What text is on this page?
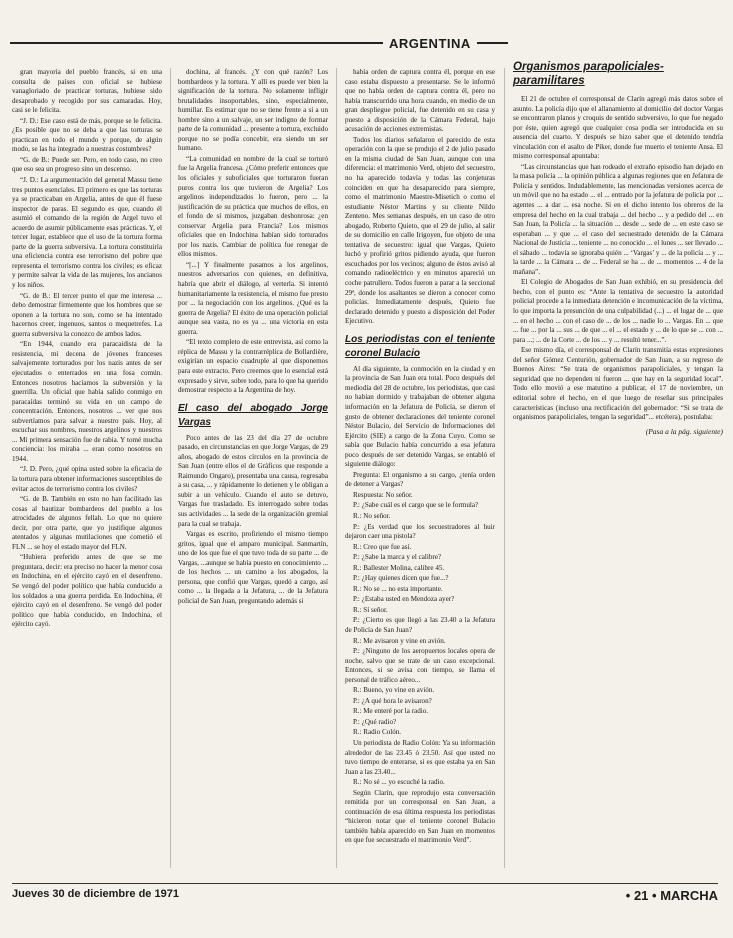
ARGENTINA

gran mayoría del pueblo francés, si en una consulta de países con oficial se hubiese vanagloriado de practicar torturas, hubiese sido desaprobado y recogido por sus camaradas. Hoy, casi se le felicita.

“J. D.: Ese caso está de más, porque se le felicita. ¿Es posible que no se deba a que las torturas se practican en todo el mundo y porque, de algún modo, se las ha integrado a nuestras costumbres?

“G. de B.: Puede ser. Pero, en todo caso, no creo que eso sea un progreso sino un descenso.

“J. D.: La argumentación del general Massu tiene tres puntos esenciales. El primero es que las torturas ya se practicaban en Argelia, antes de que él fuese inspector de paras. El segundo es que, cuando él asumió el comando de la región de Argel tuvo el acuerdo de asumir públicamente esas prácticas. Y, el tercer lugar, establece que el uso de la tortura forma parte de la guerra subversiva. La tortura constituiría una eficiencia contra ese terrorismo del pobre que representa el terrorismo contra los civiles; es eficaz y permite salvar la vida de las mujeres, los ancianos y los niños.

“G. de B.: El tercer punto el que me interesa ... debo demostrar firmemente que los hombres que se oponen a la tortura no son, como se ha intentado hacernos creer, ingenuos, santos o mequetrefes. La guerra subversiva la conozco de ambos lados.

“En 1944, cuando era paracaidista de la resistencia, mi decena de jóvenes franceses salvajemente torturados por los nazis antes de ser ejecutados o enterrados en una fosa común. Entonces nosotros hacíamos la subversión y la guerrilla. Un oficial que había salido conmigo en paracaídas terminó su vida en un campo de concentración. Entonces, nosotros ... ver que nos subvertíamos para salvar a nuestro país. Hoy, al escuchar sus nombres, nuestros argelinos y nuestros ... Mi primera sensación fue de rabia. Y tomé mucha conciencia: los miraba ... eran como nosotros en 1944.

“J. D. Pero, ¿qué opina usted sobre la eficacia de la tortura para obtener informaciones susceptibles de evitar actos de terrorismo contra los civiles?

“G. de B. También en esto no han facilitado las cosas al bautizar bombardeos del pueblo a los atrocidades de algunos fellah. Lo que no quiere decir, por otra parte, que yo justifique algunos atentados y algunas mutilaciones que cometió el FLN ... se hoy el estado mayor del FLN.

“Hubiera preferido antes de que se me preguntara, decir: era preciso no hacer la menor cosa en Indochina, en el ejército cayó en el desenfreno. Se vengó del poder político que había conducido a los soldados a una guerra perdida. En Indochina, él ejército cayó en el desenfreno. Se vengó del poder político que había conducido, en Indochina, el ejército cayó.

dochina, al francés. ¿Y con qué razón? Los bombardeos y la tortura. Y allí es puede ver bien la significación de la tortura. No solamente infligir brutalidades insoportables, sino, especialmente, humillar. Es estimar que no se tiene frente a sí a un hombre sino a un salvaje, un ser indigno de formar parte de la comunidad ... presente a tortura, excluido porque no se podía concebir, era siendo un ser humano.

“La comunidad en nombre de la cual se torturó fue la Argelia francesa. ¿Cómo preferir entonces que los oficiales y suboficiales que torturaron fueran puros contra los que tuvieron de Argelia? Los argelinos independizados lo fueron, pero ... la justificación de su práctica que muchos de ellos, en el fondo de sí mismos, juzgaban deshonrosa: ¿en conservar Argelia para Francia? Los mismos oficiales que en Indochina habían sido torturados por los nazis. Cambiar de política fue renegar de ellos mismos.

“[...] Y finalmente pasamos a los argelinos, nuestros adversarios con quienes, en definitiva, habría que abrir el diálogo, al verterla. Si intentó humanitariamente la resistencia, el mismo fue presto por ... la negociación con los argelinos. ¿Qué es la guerra de Argelia? El éxito de una operación policial aunque sea vasta, no es ya ... una victoria en esta guerra.

“El texto completo de este entrevista, así como la réplica de Massu y la contrarréplica de Bollardière, exigirían un espacio cuadruple al que disponemos para este extracto. Pero creemos que lo esencial está expresado y sirve, sobre todo, para lo que ha querido demostrar respecto a la Argentina de hoy.

El caso del abogado Jorge Vargas

Poco antes de las 23 del día 27 de octubre pasado, en circunstancias en que Jorge Vargas, de 29 años, abogado de estos círculos en la provincia de San Juan (entre ellos el de Gráficos que responde a Raimundo Ongaro), presentaba una causa, regresaba a su casa, ... y rápidamente lo detienen y le obligan a subir a un vehículo. Cuando el auto se detuvo, Vargas fue trasladado. Es interrogado sobre todas sus actividades ... la sede de la organización gremial para la cual se trabaja.

Vargas es escrito, profiriendo el mismo tiempo gritos, igual que el amparo municipal. Sanmartín, uno de los que fue el que tuvo toda de su parte ... de Vargas, ...aunque se había puesto en conocimiento ... de los hechos ... un camino a los abogados, la persona, que confió que Vargas, quedó a cargo, así como ... la llegada a la Jefatura, ... de la Jefatura policial de San Juan, preguntando además si

había orden de captura contra él, porque en ese caso estaba dispuesto a presentarse. Se le informó que no había orden de captura contra él, pero no había transcurrido una hora cuando, en medio de un gran despliegue policial, fue detenido en su casa y puesto a disposición de la Cámara Federal, bajo acusación de acciones extremistas.

Todos los diarios señalaron el parecido de esta operación con la que se produjo el 2 de julio pasado en la misma ciudad de San Juan, aunque con una diferencia: el matrimonio Verd, objeto del secuestro, no ha aparecido todavía y todas las conjeturas coinciden en que ha desaparecido para siempre, como el matrimonio Maestre-Misetich o como el estudiante Néstor Martins y su cliente Nildo Zenteno. Mes semanas después, en un caso de otro abogado, Roberto Quieto, que el 29 de julio, al salir de su domicilio en calle Irigoyen, fue objeto de una tentativa de secuestro: igual que Vargas, Quieto luchó y profirió gritos pidiendo ayuda, que fueron escuchados por los vecinos; alguno de éstos avisó al comando radioeléctrico y en minutos apareció un coche patrullero. Todos fueron a parar a la seccional 29ª, donde los asaltantes se dieron a conocer como policías. Inmediatamente después, Quieto fue declarado detenido y puesto a disposición del Poder Ejecutivo.

Los periodistas con el teniente coronel Bulacio

Al día siguiente, la conmoción en la ciudad y en la provincia de San Juan era total. Poco después del mediodía del 28 de octubre, los periodistas, que casi no habían dormido y trabajaban de obtener alguna información en la Jefatura de Policía, se dieron el gusto de obtener declaraciones del teniente coronel Néstor Bulacio, del Servicio de Informaciones del Ejército (SIE) a cargo de la Zona Cuyo. Como se sabía que Bulacio había concurrido a esa jefatura poco después de ser detenido Vargas, se entabló el siguiente diálogo:

Pregunta: El organismo a su cargo, ¿tenía orden de detener a Vargas?

Respuesta: No señor.

P.: ¿Sabe cuál es el cargo que se le formula?

R.: No señor.

P.: ¿Es verdad que los secuestradores al huir dejaron caer una pistola?

R.: Creo que fue así.

P.: ¿Sabe la marca y el calibre?

R.: Ballester Molina, calibre 45.

P.: ¿Hay quienes dicen que fue...?

R.: No se ... no esta importante.

P.: ¿Estaba usted en Mendoza ayer?

R.: Sí señor.

P.: ¿Cierto es que llegó a las 23.40 a la Jefatura de Policía de San Juan?

R.: Me avisaron y vine en avión.

P.: ¿Ninguno de los aeropuertos locales opera de noche, salvo que se trate de un caso excepcional. Entonces, si se avisa con tiempo, se llama el personal de tráfico aéreo...

R.: Bueno, yo vine en avión.

P.: ¿A qué hora le avisaron?

R.: Me enteré por la radio.

P.: ¿Qué radio?

R.: Radio Colón.

Un periodista de Radio Colón: Ya su información alrededor de las 23.45 ó 23.50. Así que usted no tuvo tiempo de enterarse, si es que estaba ya en San Juan a las 23.40...

R.: No sé ... yo escuché la radio.

Según Clarín, que reprodujo esta conversación remitida por un corresponsal en San Juan, a continuación de esa última respuesta los periodistas “hicieron notar que el teniente coronel Bulacio también había aparecido en San Juan en momentos en que fue secuestrado el matrimonio Verd”.

Organismos parapoliciales-paramilitares

El 21 de octubre el corresponsal de Clarín agregó más datos sobre el asunto. La policía dijo que el allanamiento al domicilio del doctor Vargas se encontraron planos y croquis de sentido subversivo, lo que fue negado por éste, quien agregó que cualquier cosa podía ser introducida en su ausencia del cuarto. Y después se hizo saber que el detenido tendría vinculación con el asalto de Píker, donde fue muerto el teniente Ansa. El mismo corresponsal apuntaba:

“Las circunstancias que han rodeado el extraño episodio han dejado en la masa policía ... la opinión pública a algunas regiones que en Jefatura de Policía y sentidos. Indudablemente, las mencionadas versiones acerca de un móvil que no ha estado ... el ... entrado por la jefatura de policía por ... agentes ... a dar ... esa noche. Si en el dicho intento los obreros de la empresa del hecho en la cual trabaja ... del hecho ... y a pedido del ... en San Juan, la Policía ... la situación ... desde ... sede de ... en este caso se esperaban ... y que ... el caso del secuestrado detenido de la Cámara Nacional de Justicia ... teniente ... no conocido ... el lunes ... ser llevado ... el sábado ... todavía se ignoraba quién ... ‘Vargas’ y ... de la policía ... y ... la tarde ... la Cámara ... de ... Federal se ha ... de ... momentos ... 4 de la mañana”.

El Colegio de Abogados de San Juan exhibió, en su presidencia del hecho, con el punto es: “Ante la tentativa de secuestro la autoridad policial procede a la inmediata detención e incomunicación de la víctima, lo que importa la presunción de una culpabilidad (...) ... el lugar de ... que ... en el hecho ... con el caso de ... de los ... nadie lo ... Vargas. En ... que ... fue ... por la ... sus ... de que ... el ... el estado y ... de lo que se ... con ... para ...; ... de la Corte ... de los ... y ... resultó tener...”.

Ese mismo día, el corresponsal de Clarín transmitía estas expresiones del señor Gómez Centurión, gobernador de San Juan, a su regreso de Buenos Aires: “Se trata de organismos parapoliciales, y tengan la seguridad que no dependen ni fueron ... que hay en la seguridad local”. Todo ello movió a ese matutino a publicar, el 17 de noviembre, un editorial sobre el hecho, en el que luego de reseñar sus principales características (incluso una rectificación del gobernador: “Si se trata de organismos parapoliciales, tengan la seguridad”... etcétera), postulaba:

(Pasa a la pág. siguiente)
Jueves 30 de diciembre de 1971	• 21 • MARCHA
